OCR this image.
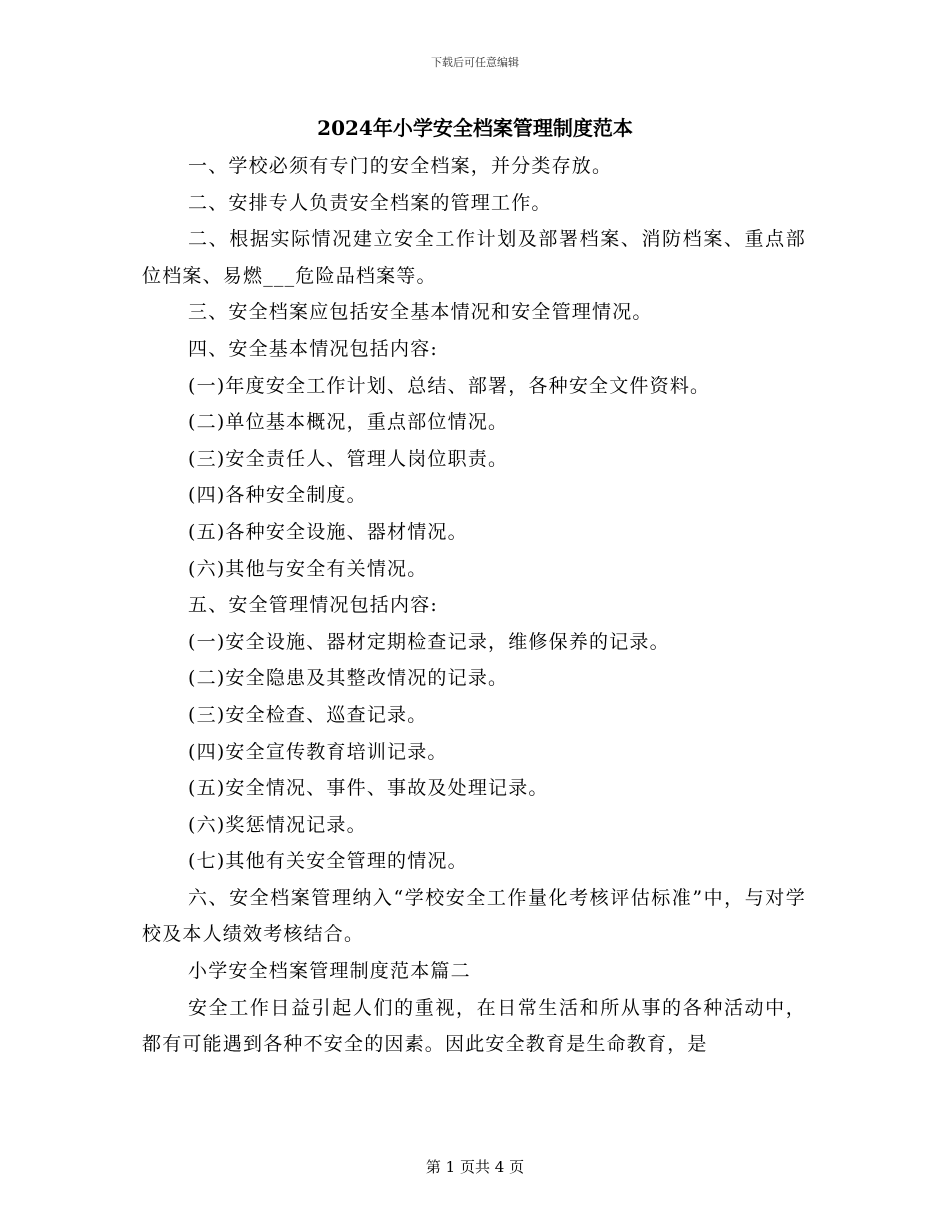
下载后可任意编辑
2024年小学安全档案管理制度范本

一、学校必须有专门的安全档案，并分类存放。

二、安排专人负责安全档案的管理工作。

二、根据实际情况建立安全工作计划及部署档案、消防档案、重点部位档案、易燃___危险品档案等。

三、安全档案应包括安全基本情况和安全管理情况。

四、安全基本情况包括内容:

(一)年度安全工作计划、总结、部署，各种安全文件资料。

(二)单位基本概况，重点部位情况。

(三)安全责任人、管理人岗位职责。

(四)各种安全制度。

(五)各种安全设施、器材情况。

(六)其他与安全有关情况。

五、安全管理情况包括内容:

(一)安全设施、器材定期检查记录，维修保养的记录。

(二)安全隐患及其整改情况的记录。

(三)安全检查、巡查记录。

(四)安全宣传教育培训记录。

(五)安全情况、事件、事故及处理记录。

(六)奖惩情况记录。

(七)其他有关安全管理的情况。

六、安全档案管理纳入“学校安全工作量化考核评估标准”中，与对学校及本人绩效考核结合。

小学安全档案管理制度范本篇二

安全工作日益引起人们的重视，在日常生活和所从事的各种活动中，都有可能遇到各种不安全的因素。因此安全教育是生命教育，是

第 1 页共 4 页
